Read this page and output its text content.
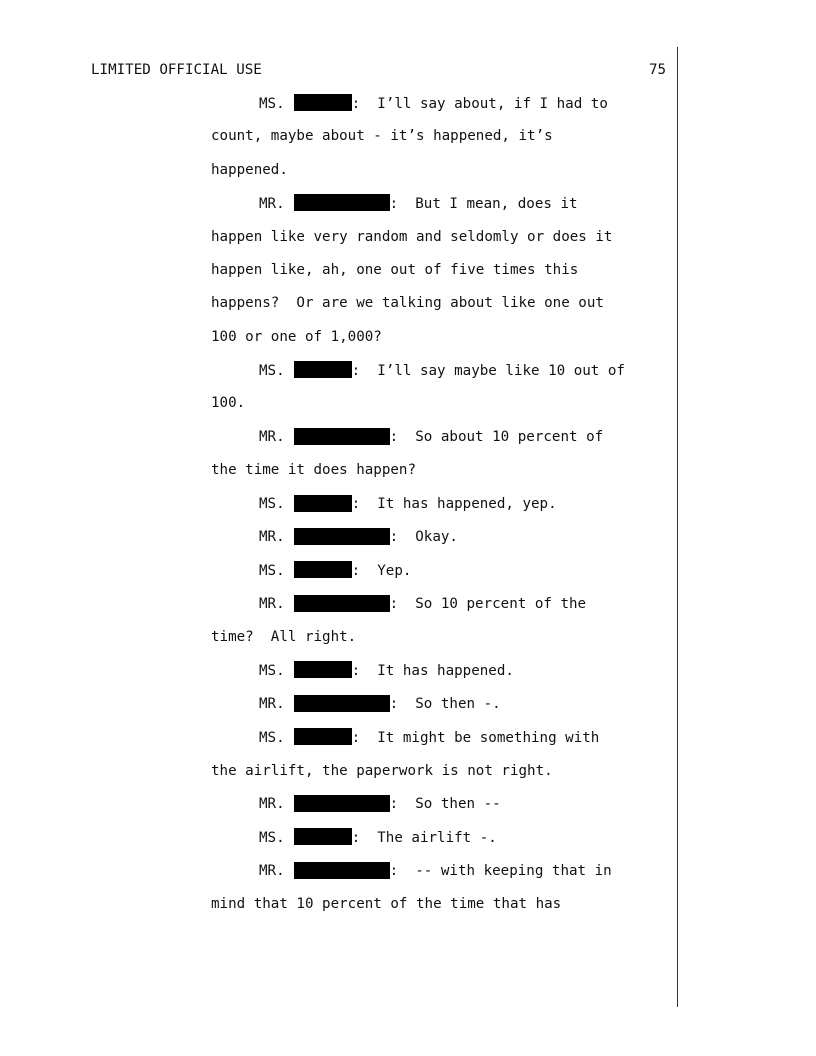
LIMITED OFFICIAL USE	75
MS.	:  I’ll say about, if I had to
count, maybe about - it’s happened, it’s
happened.
MR.	:  But I mean, does it
happen like very random and seldomly or does it
happen like, ah, one out of five times this
happens?  Or are we talking about like one out
100 or one of 1,000?
MS.	:  I’ll say maybe like 10 out of
100.
MR.	:  So about 10 percent of
the time it does happen?
MS.	:  It has happened, yep.
MR.	:  Okay.
MS.	:  Yep.
MR.	:  So 10 percent of the
time?  All right.
MS.	:  It has happened.
MR.	:  So then -.
MS.	:  It might be something with
the airlift, the paperwork is not right.
MR.	:  So then --
MS.	:  The airlift -.
MR.	:  -- with keeping that in
mind that 10 percent of the time that has
